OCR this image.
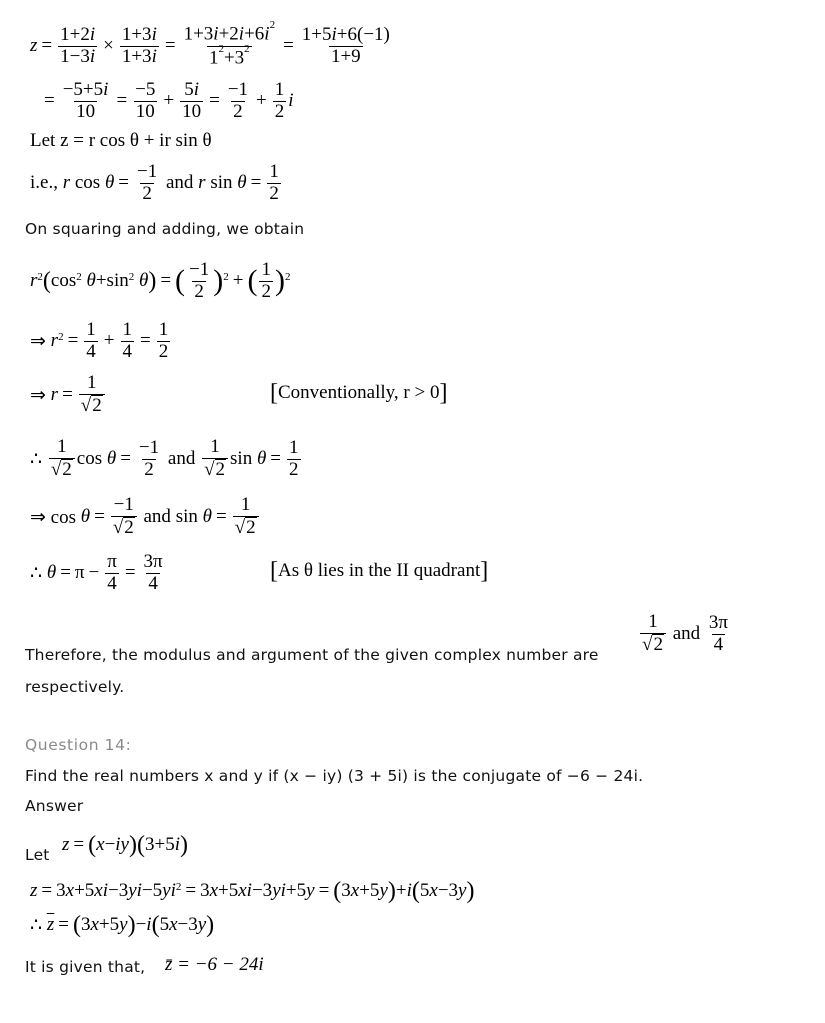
$z = \frac{1+2i}{1-3i} \times \frac{1+3i}{1+3i} = \frac{1+3i+2i+6i^2}{1^2+3^2} = \frac{1+5i+6(-1)}{1+9}$
= $\frac{-5+5i}{10} = \frac{-5}{10} + \frac{5i}{10} = \frac{-1}{2} + \frac{1}{2}$ i
Let z = r cos θ + ir sin θ
i.e.,
r $\cos \theta = \frac{-1}{2}$
and
r $\sin \theta = \frac{1}{2}$
On squaring and adding, we obtain
r 2 ( cos 2
θ +sin 2
θ ) = ( −1
2 ) 2 + ( 1
2 ) 2
⇒ r $2 = \frac{1}{4} + \frac{1}{4} = \frac{1}{2}$
⇒ $r = \frac{1}{√ 2}$	[ Conventionally, r > 0 ]
∴
1
√ 2
$\cos \theta = \frac{-1}{2}$
and

1
√ 2
$\sin \theta = \frac{1}{2}$
⇒ $\cos \theta = \frac{-1}{√ 2}$
and $\sin \theta = \frac{1}{√ 2}$
∴ $\theta = \pi - \frac{\pi}{4} = \frac{3\pi}{4}$	[ As θ lies in the II quadrant ]
Therefore, the modulus and argument of the given complex number are
1
√ 2

and

3π
4
respectively.
Question 14:
Find the real numbers x and y if (x − iy) (3 + 5i) is the conjugate of −6 − 24i.
Answer
Let z = ( x − iy )( 3+5 i )
z = 3 x +5 xi −3 yi −5 yi 2 = 3 x +5 xi −3 yi +5 y = ( 3 x +5 y ) + i ( 5 x −3 y )
∴ $\overline{z}$ = ( 3 x +5 y ) − i ( 5 x −3 y )
It is given that, z̄ = −6 − 24i
